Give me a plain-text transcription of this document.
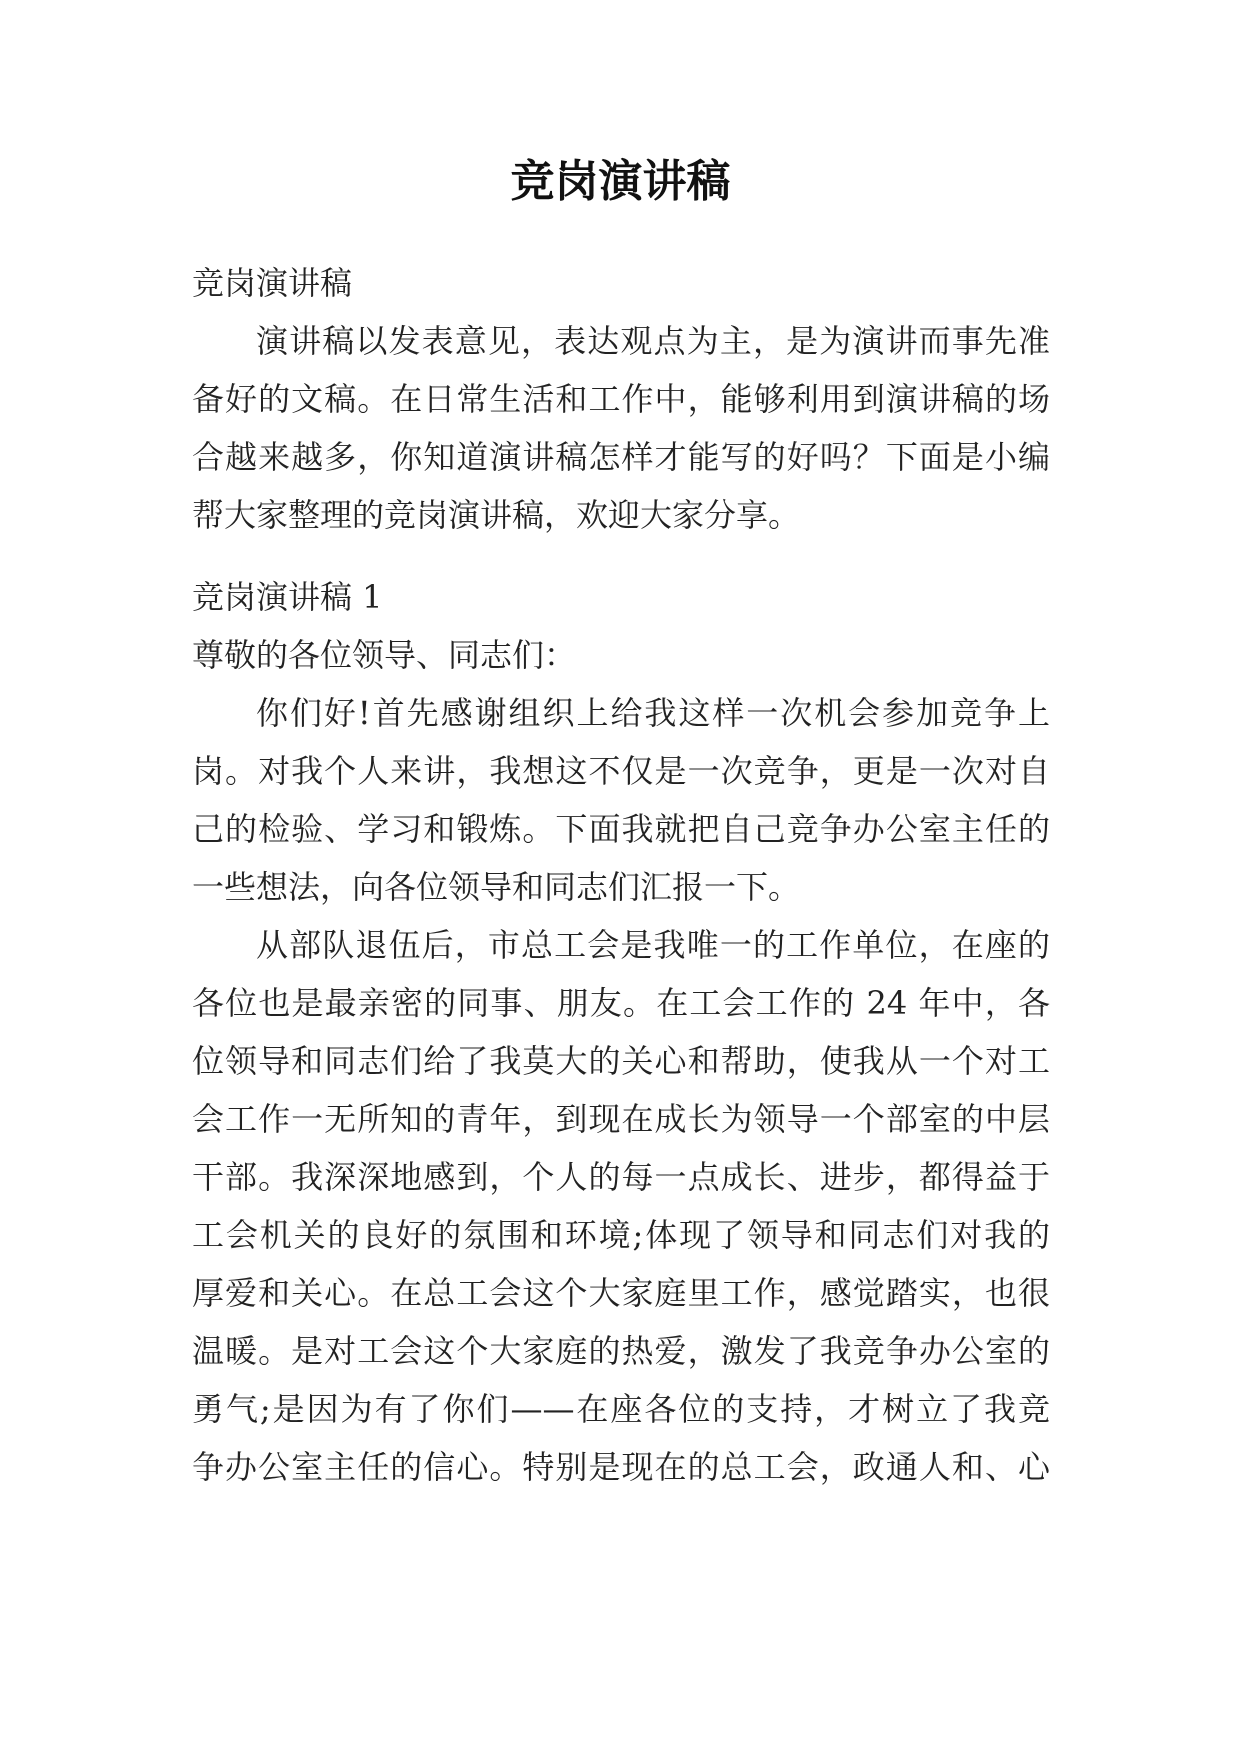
竞岗演讲稿
竞岗演讲稿
演讲稿以发表意见，表达观点为主，是为演讲而事先准
备好的文稿。在日常生活和工作中，能够利用到演讲稿的场
合越来越多，你知道演讲稿怎样才能写的好吗？下面是小编
帮大家整理的竞岗演讲稿，欢迎大家分享。
竞岗演讲稿 1
尊敬的各位领导、同志们：
你们好!首先感谢组织上给我这样一次机会参加竞争上
岗。对我个人来讲，我想这不仅是一次竞争，更是一次对自
己的检验、学习和锻炼。下面我就把自己竞争办公室主任的
一些想法，向各位领导和同志们汇报一下。
从部队退伍后，市总工会是我唯一的工作单位，在座的
各位也是最亲密的同事、朋友。在工会工作的 24 年中，各
位领导和同志们给了我莫大的关心和帮助，使我从一个对工
会工作一无所知的青年，到现在成长为领导一个部室的中层
干部。我深深地感到，个人的每一点成长、进步，都得益于
工会机关的良好的氛围和环境;体现了领导和同志们对我的
厚爱和关心。在总工会这个大家庭里工作，感觉踏实，也很
温暖。是对工会这个大家庭的热爱，激发了我竞争办公室的
勇气;是因为有了你们——在座各位的支持，才树立了我竞
争办公室主任的信心。特别是现在的总工会，政通人和、心
